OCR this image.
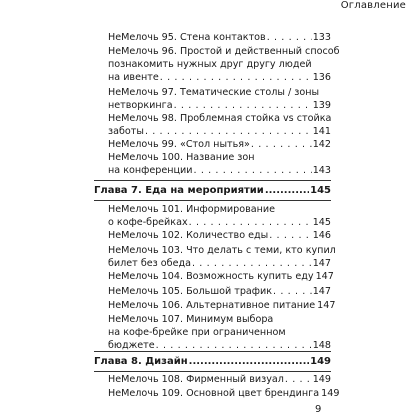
Оглавление
НеМелочь 95. Стена контактов . . .	133
НеМелочь 96. Простой и действенный способ
познакомить нужных друг другу людей
на ивенте . . .	136
НеМелочь 97. Тематические столы / зоны
нетворкинга . . .	139
НеМелочь 98. Проблемная стойка vs стойка
заботы . . .	141
НеМелочь 99. «Стол нытья» . . .	142
НеМелочь 100. Название зон
на конференции . . .	143
Глава 7. Еда на мероприятии .....	145
НеМелочь 101. Информирование
о кофе-брейках . . .	145
НеМелочь 102. Количество еды . . .	146
НеМелочь 103. Что делать с теми, кто купил
билет без обеда . . .	147
НеМелочь 104. Возможность купить еду 147
НеМелочь 105. Большой трафик . . .	147
НеМелочь 106. Альтернативное питание 147
НеМелочь 107. Минимум выбора
на кофе-брейке при ограниченном
бюджете . . .	148
Глава 8. Дизайн .....	149
НеМелочь 108. Фирменный визуал . . .	149
НеМелочь 109. Основной цвет брендинга 149
9
